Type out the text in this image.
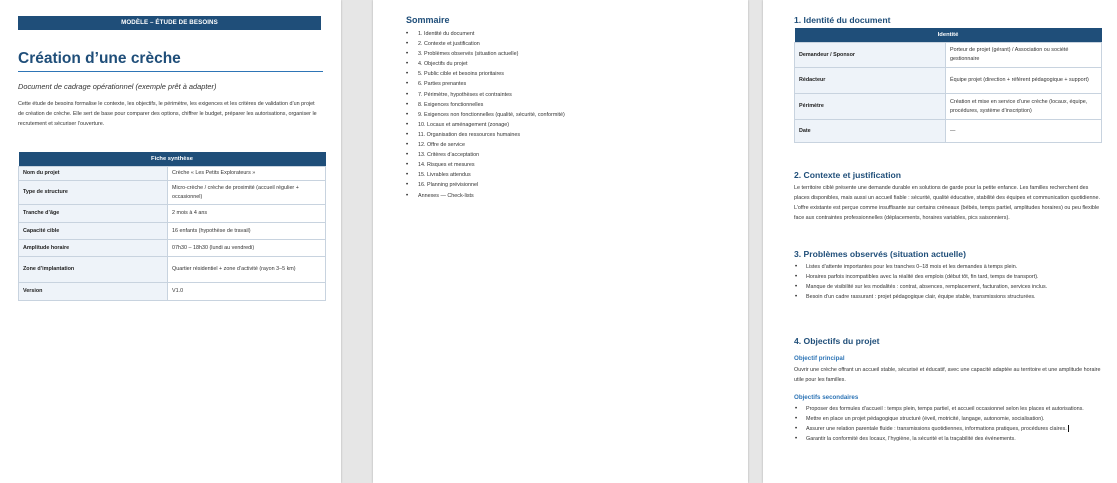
MODÈLE – ÉTUDE DE BESOINS
Création d’une crèche

Document de cadrage opérationnel (exemple prêt à adapter)

Cette étude de besoins formalise le contexte, les objectifs, le périmètre, les exigences et les critères de validation d’un projet de création de crèche. Elle sert de base pour comparer des options, chiffrer le budget, préparer les autorisations, organiser le recrutement et sécuriser l’ouverture.

Fiche synthèse	
Nom du projet	Crèche « Les Petits Explorateurs »
Type de structure	Micro-crèche / crèche de proximité (accueil régulier + occasionnel)
Tranche d’âge	2 mois à 4 ans
Capacité cible	16 enfants (hypothèse de travail)
Amplitude horaire	07h30 – 18h30 (lundi au vendredi)
Zone d’implantation	Quartier résidentiel + zone d’activité (rayon 3–5 km)
Version	V1.0
Sommaire
• 1. Identité du document
• 2. Contexte et justification
• 3. Problèmes observés (situation actuelle)
• 4. Objectifs du projet
• 5. Public cible et besoins prioritaires
• 6. Parties prenantes
• 7. Périmètre, hypothèses et contraintes
• 8. Exigences fonctionnelles
• 9. Exigences non fonctionnelles (qualité, sécurité, conformité)
• 10. Locaux et aménagement (zonage)
• 11. Organisation des ressources humaines
• 12. Offre de service
• 13. Critères d’acceptation
• 14. Risques et mesures
• 15. Livrables attendus
• 16. Planning prévisionnel
• Annexes — Check-lists
1. Identité du document
Identité	
Demandeur / Sponsor	Porteur de projet (gérant) / Association ou société gestionnaire
Rédacteur	Équipe projet (direction + référent pédagogique + support)
Périmètre	Création et mise en service d’une crèche (locaux, équipe, procédures, système d’inscription)
Date	—
2. Contexte et justification

Le territoire ciblé présente une demande durable en solutions de garde pour la petite enfance. Les familles recherchent des places disponibles, mais aussi un accueil fiable : sécurité, qualité éducative, stabilité des équipes et communication quotidienne. L’offre existante est perçue comme insuffisante sur certains créneaux (bébés, temps partiel, amplitudes horaires) ou peu flexible face aux contraintes professionnelles (déplacements, horaires variables, pics saisonniers).

3. Problèmes observés (situation actuelle)
• Listes d’attente importantes pour les tranches 0–18 mois et les demandes à temps plein.
• Horaires parfois incompatibles avec la réalité des emplois (début tôt, fin tard, temps de transport).
• Manque de visibilité sur les modalités : contrat, absences, remplacement, facturation, services inclus.
• Besoin d’un cadre rassurant : projet pédagogique clair, équipe stable, transmissions structurées.
4. Objectifs du projet
Objectif principal

Ouvrir une crèche offrant un accueil stable, sécurisé et éducatif, avec une capacité adaptée au territoire et une amplitude horaire utile pour les familles.

Objectifs secondaires
• Proposer des formules d’accueil : temps plein, temps partiel, et accueil occasionnel selon les places et autorisations.
• Mettre en place un projet pédagogique structuré (éveil, motricité, langage, autonomie, socialisation).
• Assurer une relation parentale fluide : transmissions quotidiennes, informations pratiques, procédures claires.
• Garantir la conformité des locaux, l’hygiène, la sécurité et la traçabilité des événements.
